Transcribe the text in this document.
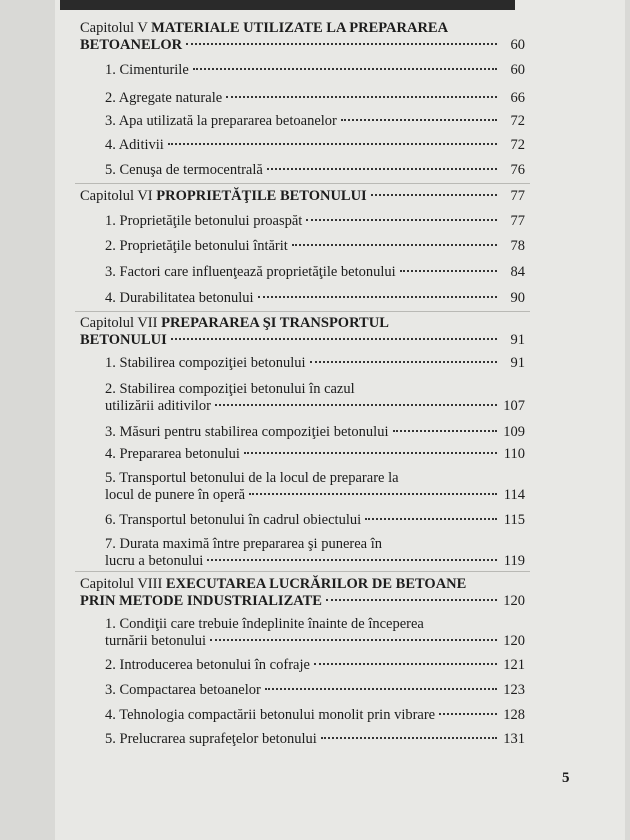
Capitolul V MATERIALE UTILIZATE LA PREPARAREA
BETOANELOR	60
1. Cimenturile	60
2. Agregate naturale	66
3. Apa utilizată la prepararea betoanelor	72
4. Aditivii	72
5. Cenuşa de termocentrală	76
Capitolul VI PROPRIETĂŢILE BETONULUI	77
1. Proprietăţile betonului proaspăt	77
2. Proprietăţile betonului întărit	78
3. Factori care influenţează proprietăţile betonului	84
4. Durabilitatea betonului	90
Capitolul VII PREPARAREA ŞI TRANSPORTUL
BETONULUI	91
1. Stabilirea compoziţiei betonului	91
2. Stabilirea compoziţiei betonului în cazul
utilizării aditivilor	107
3. Măsuri pentru stabilirea compoziţiei betonului	109
4. Prepararea betonului	110
5. Transportul betonului de la locul de preparare la
locul de punere în operă	114
6. Transportul betonului în cadrul obiectului	115
7. Durata maximă între prepararea şi punerea în
lucru a betonului	119
Capitolul VIII EXECUTAREA LUCRĂRILOR DE BETOANE
PRIN METODE INDUSTRIALIZATE	120
1. Condiţii care trebuie îndeplinite înainte de începerea
turnării betonului	120
2. Introducerea betonului în cofraje	121
3. Compactarea betoanelor	123
4. Tehnologia compactării betonului monolit prin vibrare	128
5. Prelucrarea suprafeţelor betonului	131
5
